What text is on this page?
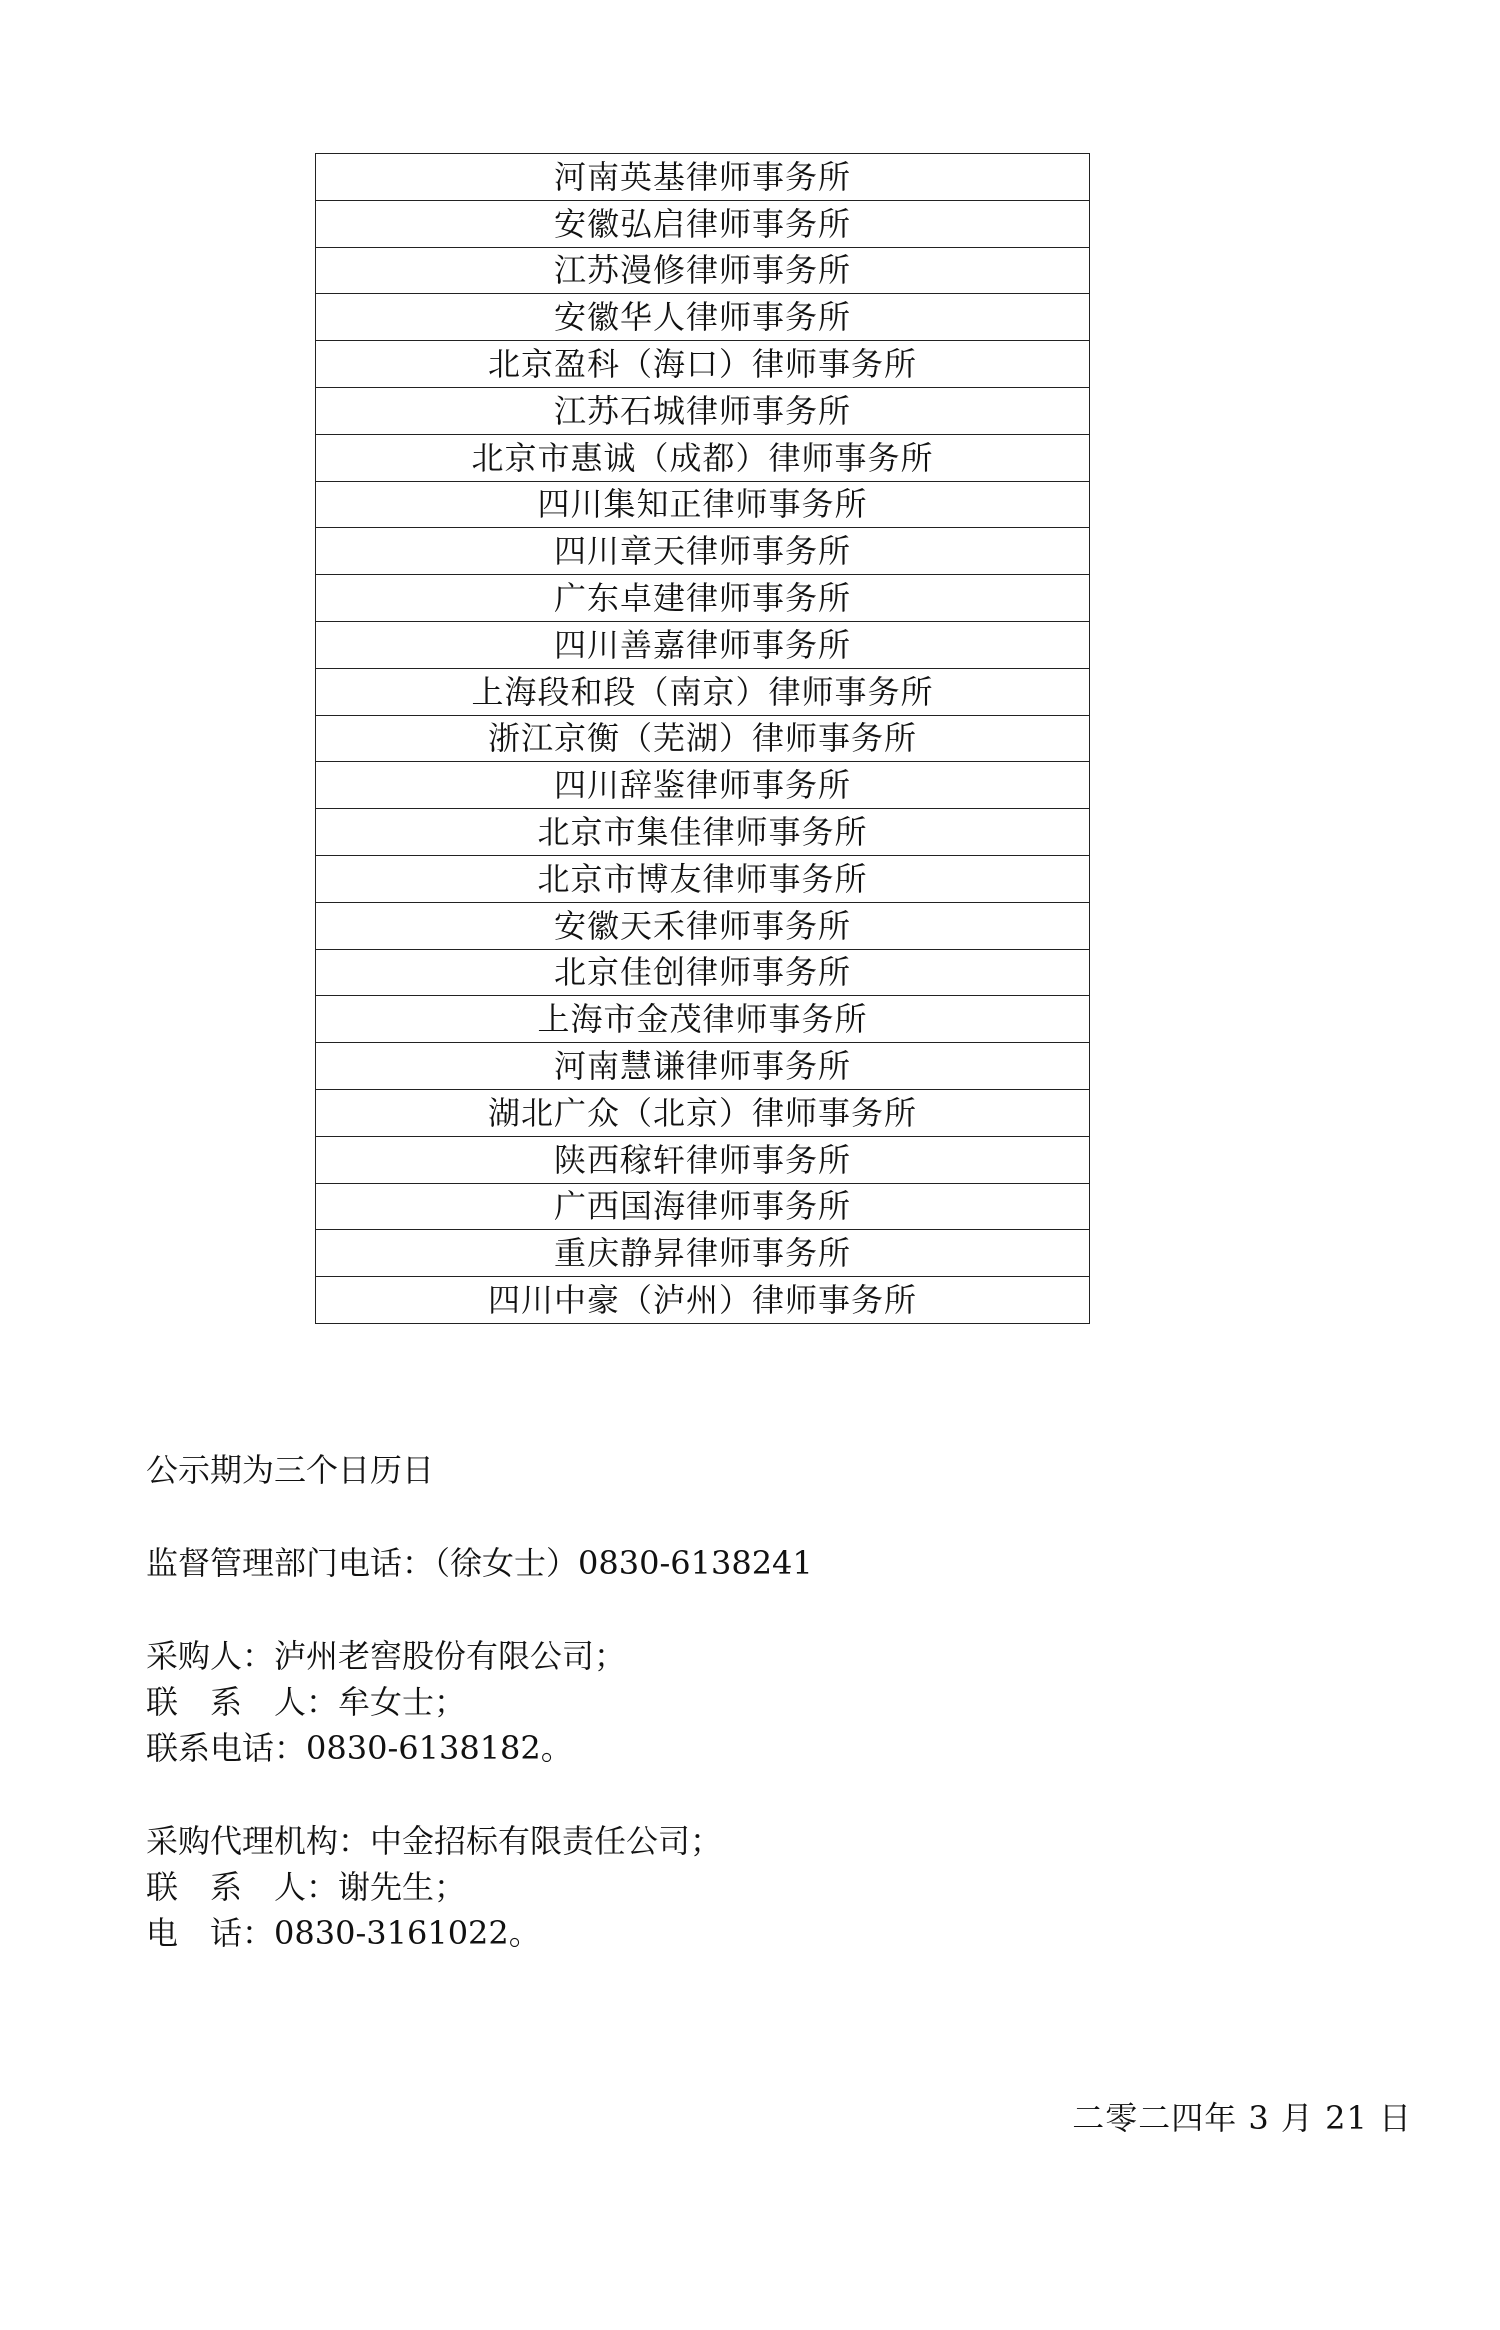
河南英基律师事务所
安徽弘启律师事务所
江苏漫修律师事务所
安徽华人律师事务所
北京盈科（海口）律师事务所
江苏石城律师事务所
北京市惠诚（成都）律师事务所
四川集知正律师事务所
四川章天律师事务所
广东卓建律师事务所
四川善嘉律师事务所
上海段和段（南京）律师事务所
浙江京衡（芜湖）律师事务所
四川辞鉴律师事务所
北京市集佳律师事务所
北京市博友律师事务所
安徽天禾律师事务所
北京佳创律师事务所
上海市金茂律师事务所
河南慧谦律师事务所
湖北广众（北京）律师事务所
陕西稼轩律师事务所
广西国海律师事务所
重庆静昇律师事务所
四川中豪（泸州）律师事务所
公示期为三个日历日
监督管理部门电话：（徐女士）0830-6138241
采购人：泸州老窖股份有限公司；
联　系　人：牟女士；
联系电话：0830-6138182。
采购代理机构：中金招标有限责任公司；
联　系　人：谢先生；
电　话：0830-3161022。
二零二四年 3 月 21 日
